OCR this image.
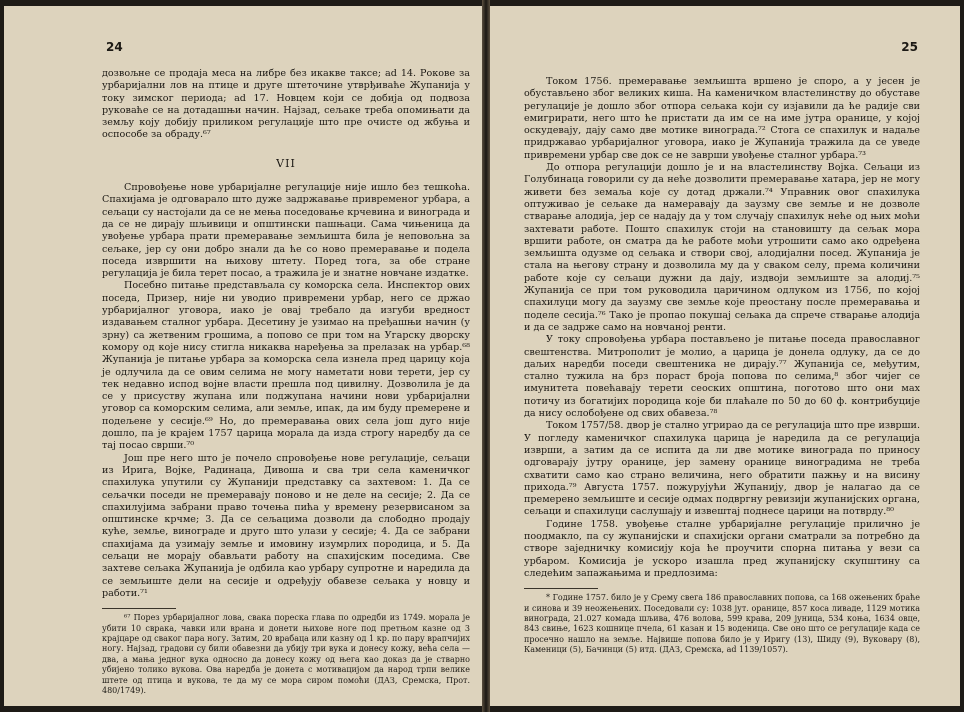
24

дозвољне се продаја меса на либре без икакве таксе; ad 14. Рокове за урбаријални лов на птице и друге штеточине утврђиваће Жупанија у току зимског периода; ad 17. Новцем који се добија од подвоза руковаће се на дотадашњи начин. Најзад, сељаке треба опомињати да земљу коју добију приликом регулације што пре очисте од жбуња и оспособе за обраду.⁶⁷

VII

Спровођење нове урбаријалне регулације није ишло без тешкоћа. Спахијама је одговарало што дуже задржавање привременог урбара, а сељаци су настојали да се не мења поседовање крчевина и винограда и да се не дирају шљивици и општински пашњаци. Сама чињеница да увођење урбара прати премеравање земљишта била је неповољна за сељаке, јер су они добро знали да ће со ново премеравање и подела поседа извршити на њихову штету. Поред тога, за обе стране регулација је била терет посао, а тражила је и знатне новчане издатке.

Посебно питање представљала су коморска села. Инспектор ових поседа, Призер, није ни уводио привремени урбар, него се држао урбаријалног уговора, иако је овај требало да изгуби вредност издавањем сталног урбара. Десетину је узимао на пређашњи начин (у зрну) са жетвеним грошима, а попово се при том на Угарску дворску комору од које нису стигла никаква наређења за прелазак на урбар.⁶⁸ Жупанија је питање урбара за коморска села изнела пред царицу која је одлучила да се овим селима не могу наметати нови терети, јер су тек недавно испод војне власти прешла под цивилну. Дозволила је да се у присуству жупана или поджупана начини нови урбаријални уговор са коморским селима, али земље, ипак, да им буду премерене и подељене у сесије.⁶⁹ Но, до премеравања ових села још дуго није дошло, па је крајем 1757 царица морала да изда строгу наредбу да се тај посао сврши.⁷⁰

Још пре него што је почело спровођење нове регулације, сељаци из Ирига, Војке, Радинаца, Дивоша и сва три села каменичког спахилука упутили су Жупанији представку са захтевом: 1. Да се сељачки поседи не премеравају поново и не деле на сесије; 2. Да се спахилујима забрани право точења пића у времену резервисаном за општинске крчме; 3. Да се сељацима дозволи да слободно продају куће, земље, винограде и друго што улази у сесије; 4. Да се забрани спахијама да узимају земље и имовину изумрлих породица, и 5. Да сељаци не морају обављати работу на спахијским поседима. Све захтеве сељака Жупанија је одбила као урбару супротне и наредила да се земљиште дели на сесије и одређују обавезе сељака у новцу и работи.⁷¹

⁶⁷ Порез урбаријалног лова, свака пореска глава по одредби из 1749. морала је убити 10 сврака, чавки или врана и донети њихове ноге под претњом казне од 3 крајцаре од сваког пара ногу. Затим, 20 врабаца или казну од 1 кр. по пару врапчијих ногу. Најзад, градови су били обавезни да убију три вука и донесу кожу, већа села — два, а мања једног вука односно да донесу кожу од њега као доказ да је стварно убијено толико вукова. Ова наредба је донета с мотивацијом да народ трпи велике штете од птица и вукова, те да му се мора сиром помоћи (ДАЗ, Сремска, Прот. 480/1749).

25

Током 1756. премеравање земљишта вршено је споро, а у јесен је обустављено због великих киша. На каменичком властелинству до обуставе регулације је дошло због отпора сељака који су изјавили да ће радије сви емигрирати, него што ће пристати да им се на име јутра оранице, у којој оскудевају, дају само две мотике винограда.⁷² Стога се спахилук и надаље придржавао урбаријалног уговора, иако је Жупанија тражила да се уведе привремени урбар све док се не заврши увођење сталног урбара.⁷³

До отпора регулацији дошло је и на властелинству Војка. Сељаци из Голубинаца говорили су да неће дозволити премеравање хатара, јер не могу живети без земаља које су дотад држали.⁷⁴ Управник овог спахилука оптуживао је сељаке да намеравају да заузму све земље и не дозволе стварање алодија, јер се надају да у том случају спахилук неће од њих моћи захтевати работе. Пошто спахилук стоји на становишту да сељак мора вршити работе, он сматра да ће работе моћи утрошити само ако одређена земљишта одузме од сељака и створи свој, алодијални посед. Жупанија је стала на његову страну и дозволила му да у сваком селу, према количини работе које су сељаци дужни да дају, издвоји земљиште за алодиј.⁷⁵ Жупанија се при том руководила царичином одлуком из 1756, по којој спахилуци могу да заузму све земље које преостану после премеравања и поделе сесија.⁷⁶ Тако је пропао покушај сељака да спрече стварање алодија и да се задрже само на новчаној ренти.

У току спровођења урбара постављено је питање поседа православног свештенства. Митрополит је молио, а царица је донела одлуку, да се до даљих наредби поседи свештеника не дирају.⁷⁷ Жупанија се, међутим, стално тужила на брз пораст броја попова по селима,⁸ због чијег се имунитета повећавају терети сеоских општина, поготово што они мах потичу из богатијих породица које би плаћале по 50 до 60 ф. контрибуције да нису ослобођене од свих обавеза.⁷⁸

Током 1757/58. двор је стално угрирао да се регулација што пре изврши. У погледу каменичког спахилука царица је наредила да се регулација изврши, а затим да се испита да ли две мотике винограда по приносу одговарају јутру оранице, јер замену оранице виноградима не треба схватити само као страно величина, него обратити пажњу и на висину прихода.⁷⁹ Августа 1757. пожурујући Жупанију, двор је налагао да се премерено земљиште и сесије одмах подвргну ревизији жупанијских органа, сељаци и спахилуци саслушају и извештај поднесе царици на потврду.⁸⁰

Године 1758. увођење сталне урбаријалне регулације прилично је поодмакло, па су жупанијски и спахијски органи сматрали за потребно да створе заједничку комисију која ће проучити спорна питања у вези са урбаром. Комисија је ускоро изашла пред жупанијску скупштину са следећим запажањима и предлозима:

* Године 1757. било је у Срему свега 186 православних попова, са 168 ожењених браће и синова и 39 неожењених. Поседовали су: 1038 јут. оранице, 857 коса ливаде, 1129 мотика винограда, 21.027 комада шљива, 476 волова, 599 крава, 209 јуница, 534 коња, 1634 овце, 843 свиње, 1623 кошнице пчела, 61 казан и 15 воденица. Све оно што се регулације када се просечно нашло на земље. Највише попова било је у Иригу (13), Шиду (9), Вуковару (8), Каменици (5), Бачинци (5) итд. (ДАЗ, Сремска, ad 1139/1057).
